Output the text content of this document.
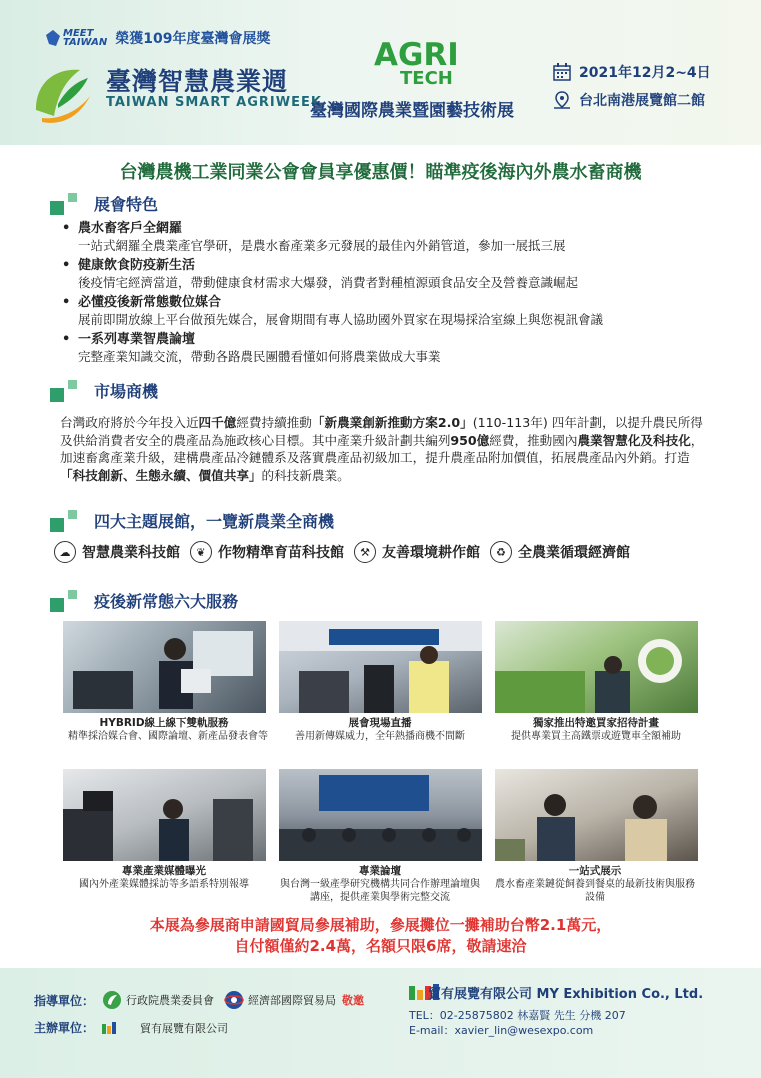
MEET
TAIWAN 榮獲109年度臺灣會展獎
臺灣智慧農業週
TAIWAN SMART AGRIWEEK
AGRI
TECH
臺灣國際農業暨園藝技術展
2021年12月2~4日
台北南港展覽館二館
台灣農機工業同業公會會員享優惠價！瞄準疫後海內外農水畜商機
展會特色
• 農水畜客戶全網羅
一站式網羅全農業產官學研，是農水畜產業多元發展的最佳內外銷管道，參加一展抵三展
• 健康飲食防疫新生活
後疫情宅經濟當道，帶動健康食材需求大爆發，消費者對種植源頭食品安全及營養意識崛起
• 必懂疫後新常態數位媒合
展前即開放線上平台做預先媒合，展會期間有專人協助國外買家在現場採洽室線上與您視訊會議
• 一系列專業智農論壇
完整產業知識交流，帶動各路農民團體看懂如何將農業做成大事業
市場商機
台灣政府將於今年投入近四千億經費持續推動「新農業創新推動方案2.0」(110-113年) 四年計劃，以提升農民所得及供給消費者安全的農產品為施政核心目標。其中產業升級計劃共編列950億經費，推動國內農業智慧化及科技化，加速畜禽產業升級，建構農產品冷鏈體系及落實農產品初級加工，提升農產品附加價值，拓展農產品內外銷。打造「科技創新、生態永續、價值共享」的科技新農業。
四大主題展館，一覽新農業全商機
☁ 智慧農業科技館	❦ 作物精準育苗科技館	⚒ 友善環境耕作館	♻ 全農業循環經濟館
疫後新常態六大服務
HYBRID線上線下雙軌服務
精準採洽媒合會、國際論壇、新產品發表會等
展會現場直播
善用新傳媒威力，全年熱播商機不間斷
獨家推出特邀買家招待計畫
提供專業買主高鐵票或遊覽車全額補助
專業產業媒體曝光
國內外產業媒體採訪等多語系特別報導
專業論壇
與台灣一級產學研究機構共同合作辦理論壇與講座，提供產業與學術完整交流
一站式展示
農水畜產業鏈從飼養到餐桌的最新技術與服務設備
本展為參展商申請國貿局參展補助，參展攤位一攤補助台幣2.1萬元，
自付額僅約2.4萬，名額只限6席，敬請速洽
指導單位：	行政院農業委員會	經濟部國際貿易局 敬邀
主辦單位：	貿有展覽有限公司
貿有展覽有限公司 MY Exhibition Co., Ltd.
TEL：02-25875802 林嘉賢 先生 分機 207
E-mail：xavier_lin@wesexpo.com
